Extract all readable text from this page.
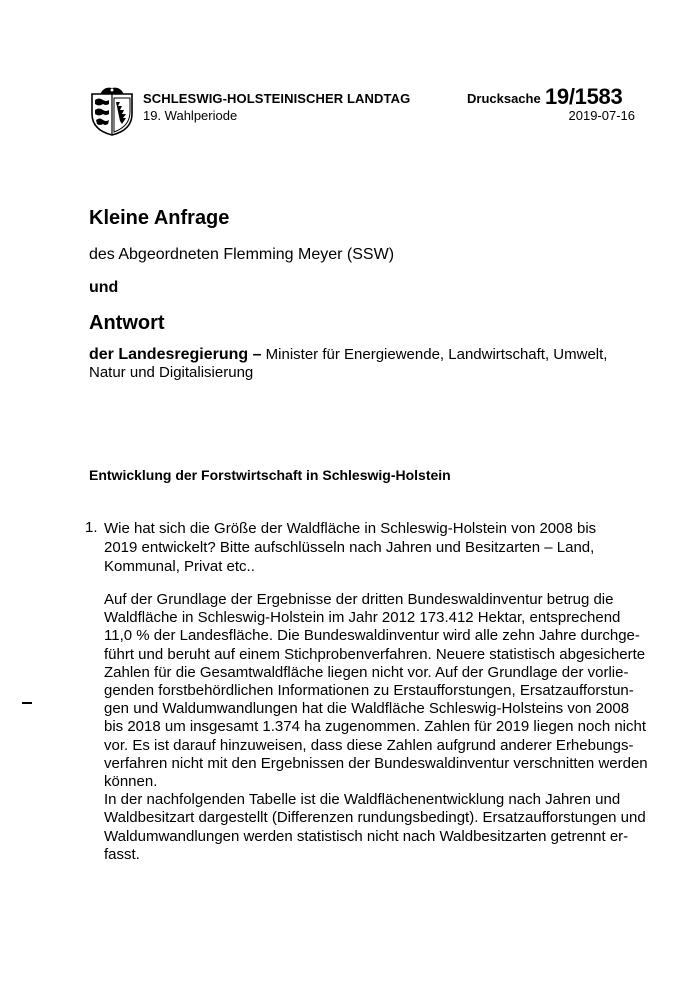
SCHLESWIG-HOLSTEINISCHER LANDTAG
19. Wahlperiode
Drucksache 19/1583
2019-07-16
Kleine Anfrage
des Abgeordneten Flemming Meyer (SSW)
und
Antwort
der Landesregierung – Minister für Energiewende, Landwirtschaft, Umwelt, Natur und Digitalisierung
Entwicklung der Forstwirtschaft in Schleswig-Holstein
1. Wie hat sich die Größe der Waldfläche in Schleswig-Holstein von 2008 bis 2019 entwickelt? Bitte aufschlüsseln nach Jahren und Besitzarten – Land, Kommunal, Privat etc..
Auf der Grundlage der Ergebnisse der dritten Bundeswaldinventur betrug die
Waldfläche in Schleswig-Holstein im Jahr 2012 173.412 Hektar, entsprechend
11,0 % der Landesfläche. Die Bundeswaldinventur wird alle zehn Jahre durchge-
führt und beruht auf einem Stichprobenverfahren. Neuere statistisch abgesicherte
Zahlen für die Gesamtwaldfläche liegen nicht vor. Auf der Grundlage der vorlie-
genden forstbehördlichen Informationen zu Erstaufforstungen, Ersatzaufforstun-
gen und Waldumwandlungen hat die Waldfläche Schleswig-Holsteins von 2008
bis 2018 um insgesamt 1.374 ha zugenommen. Zahlen für 2019 liegen noch nicht
vor. Es ist darauf hinzuweisen, dass diese Zahlen aufgrund anderer Erhebungs-
verfahren nicht mit den Ergebnissen der Bundeswaldinventur verschnitten werden
können.
In der nachfolgenden Tabelle ist die Waldflächenentwicklung nach Jahren und
Waldbesitzart dargestellt (Differenzen rundungsbedingt). Ersatzaufforstungen und
Waldumwandlungen werden statistisch nicht nach Waldbesitzarten getrennt er-
fasst.
